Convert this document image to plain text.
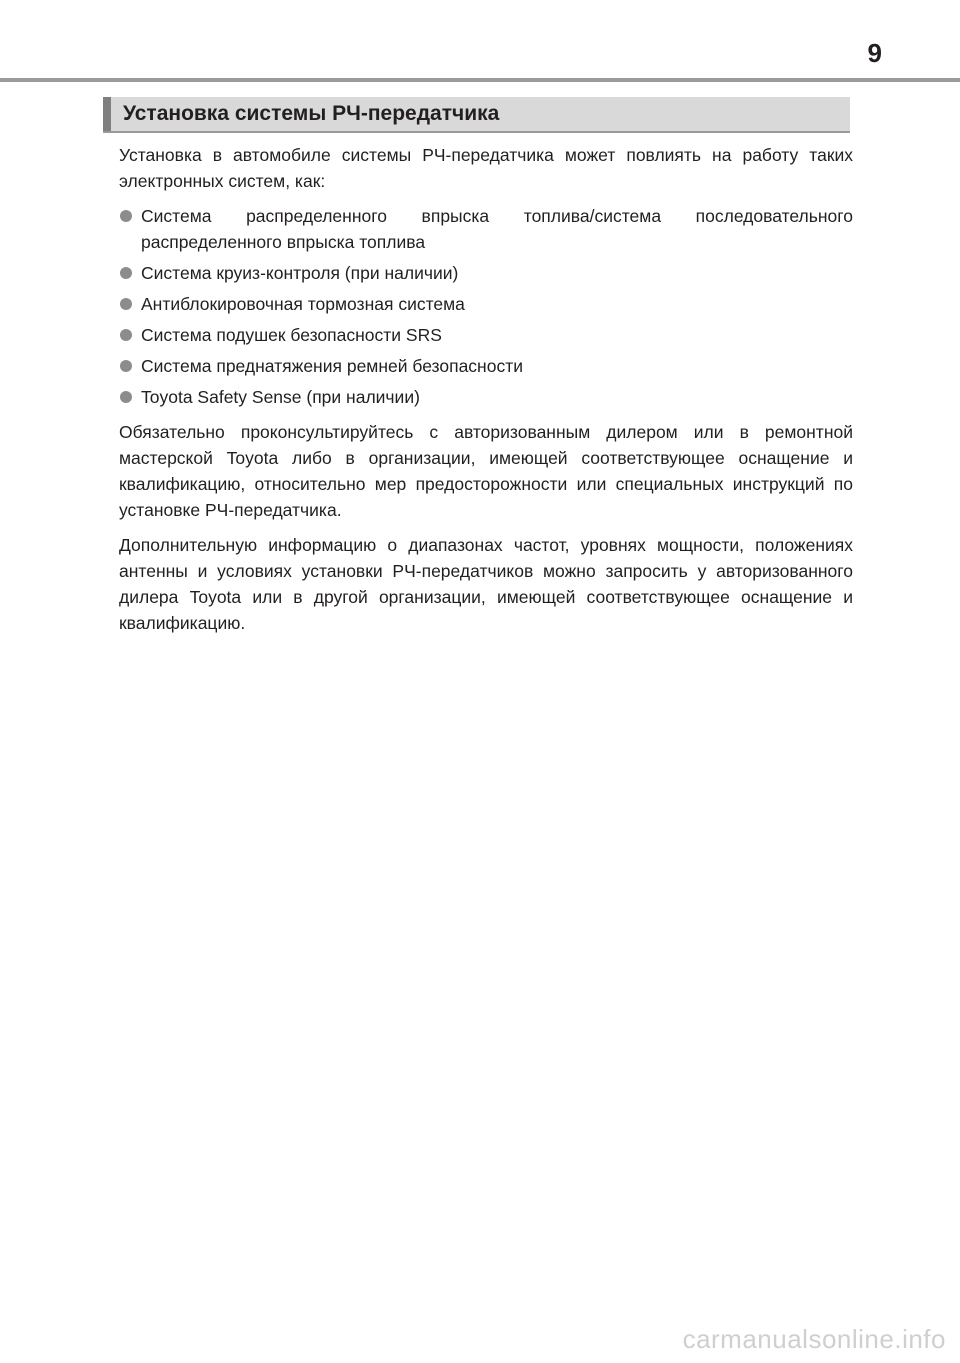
9
Установка системы РЧ-передатчика

Установка в автомобиле системы РЧ-передатчика может повлиять на работу таких электронных систем, как:

Система распределенного впрыска топлива/система последовательного распределенного впрыска топлива
Система круиз-контроля (при наличии)
Антиблокировочная тормозная система
Система подушек безопасности SRS
Система преднатяжения ремней безопасности
Toyota Safety Sense (при наличии)

Обязательно проконсультируйтесь с авторизованным дилером или в ремонтной мастерской Toyota либо в организации, имеющей соответствующее оснащение и квалификацию, относительно мер предосторожности или специальных инструкций по установке РЧ-передатчика.

Дополнительную информацию о диапазонах частот, уровнях мощности, положениях антенны и условиях установки РЧ-передатчиков можно запросить у авторизованного дилера Toyota или в другой организации, имеющей соответствующее оснащение и квалификацию.

carmanualsonline.info
